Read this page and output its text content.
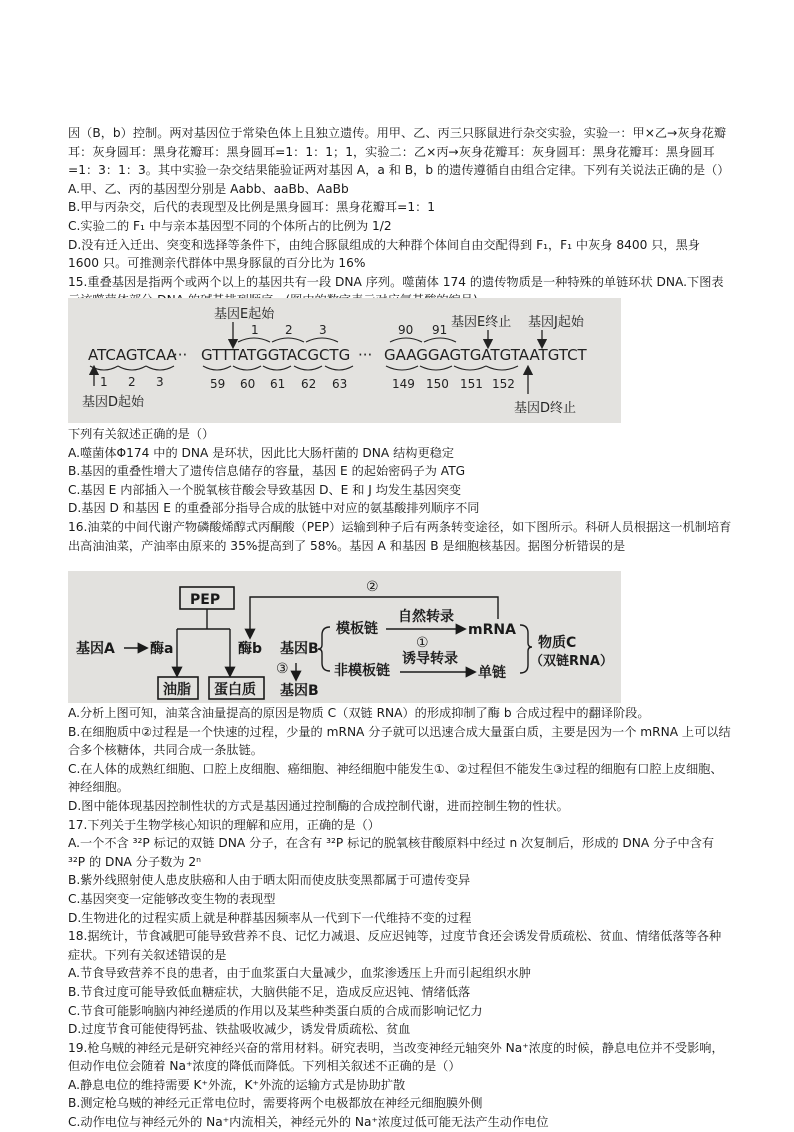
因（B，b）控制。两对基因位于常染色体上且独立遗传。用甲、乙、丙三只豚鼠进行杂交实验，实验一：甲×乙→灰身花瓣耳：灰身圆耳：黑身花瓣耳：黑身圆耳=1：1：1；1，实验二：乙×丙→灰身花瓣耳：灰身圆耳：黑身花瓣耳：黑身圆耳=1：3：1：3。其中实验一杂交结果能验证两对基因 A，a 和 B，b 的遗传遵循自由组合定律。下列有关说法正确的是（）

A.甲、乙、丙的基因型分别是 Aabb、aaBb、AaBb

B.甲与丙杂交，后代的表现型及比例是黑身圆耳：黑身花瓣耳=1：1

C.实验二的 F₁ 中与亲本基因型不同的个体所占的比例为 1/2

D.没有迁入迁出、突变和选择等条件下，由纯合豚鼠组成的大种群个体间自由交配得到 F₁，F₁ 中灰身 8400 只，黑身 1600 只。可推测亲代群体中黑身豚鼠的百分比为 16%

15.重叠基因是指两个或两个以上的基因共有一段 DNA 序列。噬菌体 174 的遗传物质是一种特殊的单链环状 DNA.下图表

ATCAGTCAA
··· GTTTATGGTACGCTG ··· GAAGGAGTGATGTAATGTCT
基因E起始
1 2 3	90 91 基因E终止 基因J起始
1 2 3	59 60 61 62 63	149 150 151 152
基因D起始	基因D终止

下列有关叙述正确的是（）

A.噬菌体Φ174 中的 DNA 是环状，因此比大肠杆菌的 DNA 结构更稳定

B.基因的重叠性增大了遗传信息储存的容量，基因 E 的起始密码子为 ATG

C.基因 E 内部插入一个脱氧核苷酸会导致基因 D、E 和 J 均发生基因突变

D.基因 D 和基因 E 的重叠部分指导合成的肽链中对应的氨基酸排列顺序不同

16.油菜的中间代谢产物磷酸烯醇式丙酮酸（PEP）运输到种子后有两条转变途径，如下图所示。科研人员根据这一机制培育出高油油菜，产油率由原来的 35%提高到了 58%。基因 A 和基因 B 是细胞核基因。据图分析错误的是

PEP
基因A	酶a	酶b
油脂 蛋白质
基因B
③
基因B
模板链
非模板链
自然转录
①
mRNA
诱导转录
单链
物质C
（双链RNA）
②

A.分析上图可知，油菜含油量提高的原因是物质 C（双链 RNA）的形成抑制了酶 b 合成过程中的翻译阶段。

B.在细胞质中②过程是一个快速的过程，少量的 mRNA 分子就可以迅速合成大量蛋白质，主要是因为一个 mRNA 上可以结合多个核糖体，共同合成一条肽链。

C.在人体的成熟红细胞、口腔上皮细胞、癌细胞、神经细胞中能发生①、②过程但不能发生③过程的细胞有口腔上皮细胞、神经细胞。

D.图中能体现基因控制性状的方式是基因通过控制酶的合成控制代谢，进而控制生物的性状。

17.下列关于生物学核心知识的理解和应用，正确的是（）

A.一个不含 ³²P 标记的双链 DNA 分子，在含有 ³²P 标记的脱氧核苷酸原料中经过 n 次复制后，形成的 DNA 分子中含有 ³²P 的 DNA 分子数为 2ⁿ

B.紫外线照射使人患皮肤癌和人由于晒太阳而使皮肤变黑都属于可遗传变异

C.基因突变一定能够改变生物的表现型

D.生物进化的过程实质上就是种群基因频率从一代到下一代维持不变的过程

18.据统计，节食减肥可能导致营养不良、记忆力减退、反应迟钝等，过度节食还会诱发骨质疏松、贫血、情绪低落等各种症状。下列有关叙述错误的是

A.节食导致营养不良的患者，由于血浆蛋白大量减少，血浆渗透压上升而引起组织水肿

B.节食过度可能导致低血糖症状，大脑供能不足，造成反应迟钝、情绪低落

C.节食可能影响脑内神经递质的作用以及某些种类蛋白质的合成而影响记忆力

D.过度节食可能使得钙盐、铁盐吸收减少，诱发骨质疏松、贫血

19.枪乌贼的神经元是研究神经兴奋的常用材料。研究表明，当改变神经元轴突外 Na⁺浓度的时候，静息电位并不受影响，但动作电位会随着 Na⁺浓度的降低而降低。下列相关叙述不正确的是（）

A.静息电位的维持需要 K⁺外流，K⁺外流的运输方式是协助扩散

B.测定枪乌贼的神经元正常电位时，需要将两个电极都放在神经元细胞膜外侧

C.动作电位与神经元外的 Na⁺内流相关，神经元外的 Na⁺浓度过低可能无法产生动作电位
